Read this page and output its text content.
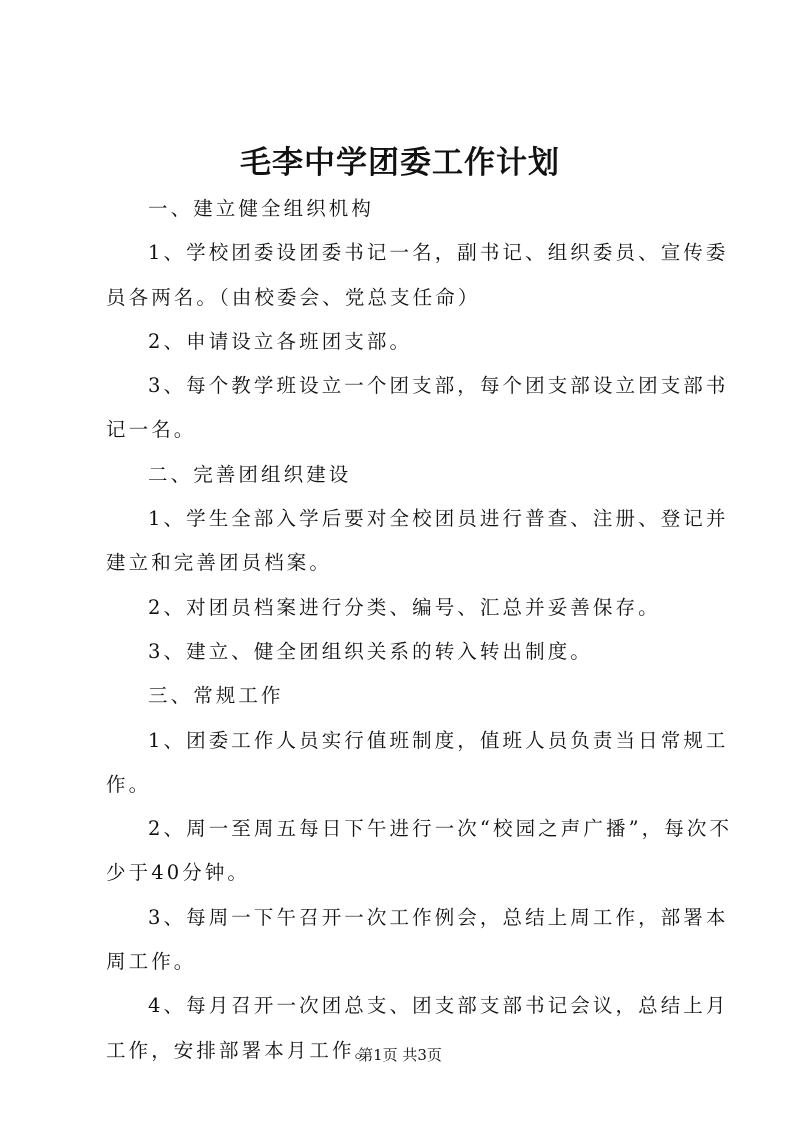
毛李中学团委工作计划

一、建立健全组织机构

1、学校团委设团委书记一名，副书记、组织委员、宣传委

员各两名。（由校委会、党总支任命）

2、申请设立各班团支部。

3、每个教学班设立一个团支部，每个团支部设立团支部书

记一名。

二、完善团组织建设

1、学生全部入学后要对全校团员进行普查、注册、登记并

建立和完善团员档案。

2、对团员档案进行分类、编号、汇总并妥善保存。

3、建立、健全团组织关系的转入转出制度。

三、常规工作

1、团委工作人员实行值班制度，值班人员负责当日常规工

作。

2、周一至周五每日下午进行一次“校园之声广播”，每次不

少于40分钟。

3、每周一下午召开一次工作例会，总结上周工作，部署本

周工作。

4、每月召开一次团总支、团支部支部书记会议，总结上月

工作，安排部署本月工作。

第1页 共3页
